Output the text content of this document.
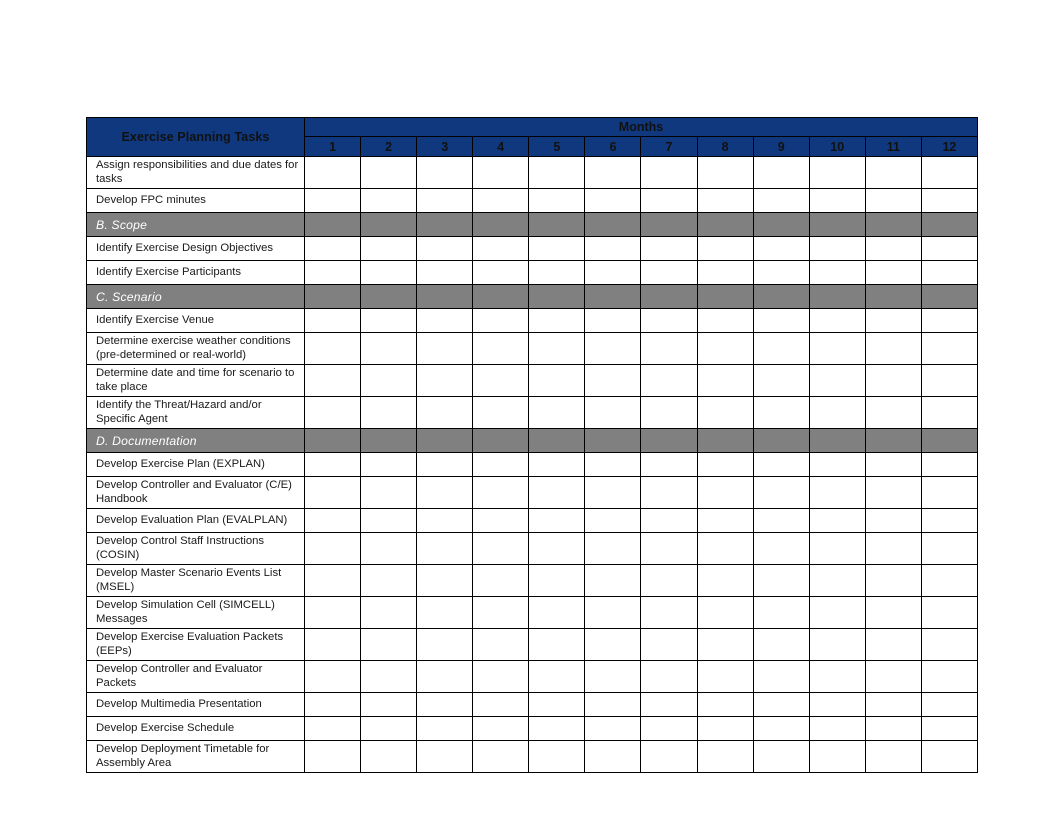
Exercise Planning Tasks	Months											
	1	2	3	4	5	6	7	8	9	10	11	12
Assign responsibilities and due dates for tasks												
Develop FPC minutes												
B. Scope												
Identify Exercise Design Objectives												
Identify Exercise Participants												
C. Scenario												
Identify Exercise Venue												
Determine exercise weather conditions (pre-determined or real-world)												
Determine date and time for scenario to take place												
Identify the Threat/Hazard and/or Specific Agent												
D. Documentation												
Develop Exercise Plan (EXPLAN)												
Develop Controller and Evaluator (C/E) Handbook												
Develop Evaluation Plan (EVALPLAN)												
Develop Control Staff Instructions (COSIN)												
Develop Master Scenario Events List (MSEL)												
Develop Simulation Cell (SIMCELL) Messages												
Develop Exercise Evaluation Packets (EEPs)												
Develop Controller and Evaluator Packets												
Develop Multimedia Presentation												
Develop Exercise Schedule												
Develop Deployment Timetable for Assembly Area												
